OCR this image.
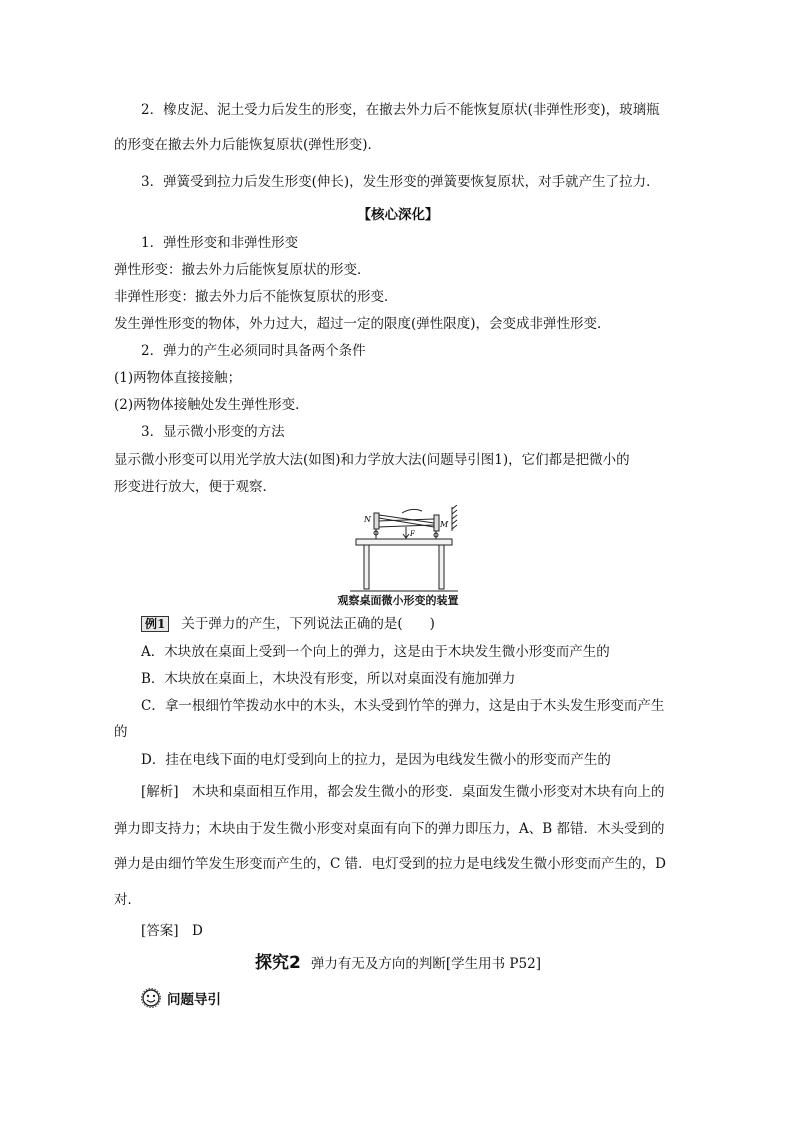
2．橡皮泥、泥土受力后发生的形变，在撤去外力后不能恢复原状(非弹性形变)，玻璃瓶
的形变在撤去外力后能恢复原状(弹性形变)．
3．弹簧受到拉力后发生形变(伸长)，发生形变的弹簧要恢复原状，对手就产生了拉力．
【核心深化】
1．弹性形变和非弹性形变
弹性形变：撤去外力后能恢复原状的形变．
非弹性形变：撤去外力后不能恢复原状的形变．
发生弹性形变的物体，外力过大，超过一定的限度(弹性限度)，会变成非弹性形变．
2．弹力的产生必须同时具备两个条件
(1)两物体直接接触；
(2)两物体接触处发生弹性形变．
3．显示微小形变的方法
显示微小形变可以用光学放大法(如图)和力学放大法(问题导引图1)，它们都是把微小的
形变进行放大，便于观察．
N
M
F
观察桌面微小形变的装置
例1 关于弹力的产生，下列说法正确的是(　　)
A．木块放在桌面上受到一个向上的弹力，这是由于木块发生微小形变而产生的
B．木块放在桌面上，木块没有形变，所以对桌面没有施加弹力
C．拿一根细竹竿拨动水中的木头，木头受到竹竿的弹力，这是由于木头发生形变而产生
的
D．挂在电线下面的电灯受到向上的拉力，是因为电线发生微小的形变而产生的
[解析]　木块和桌面相互作用，都会发生微小的形变．桌面发生微小形变对木块有向上的
弹力即支持力；木块由于发生微小形变对桌面有向下的弹力即压力，A、B 都错．木头受到的
弹力是由细竹竿发生形变而产生的，C 错．电灯受到的拉力是电线发生微小形变而产生的，D
对．
[答案]　D
探究2 弹力有无及方向的判断[学生用书 P52]
问题导引
